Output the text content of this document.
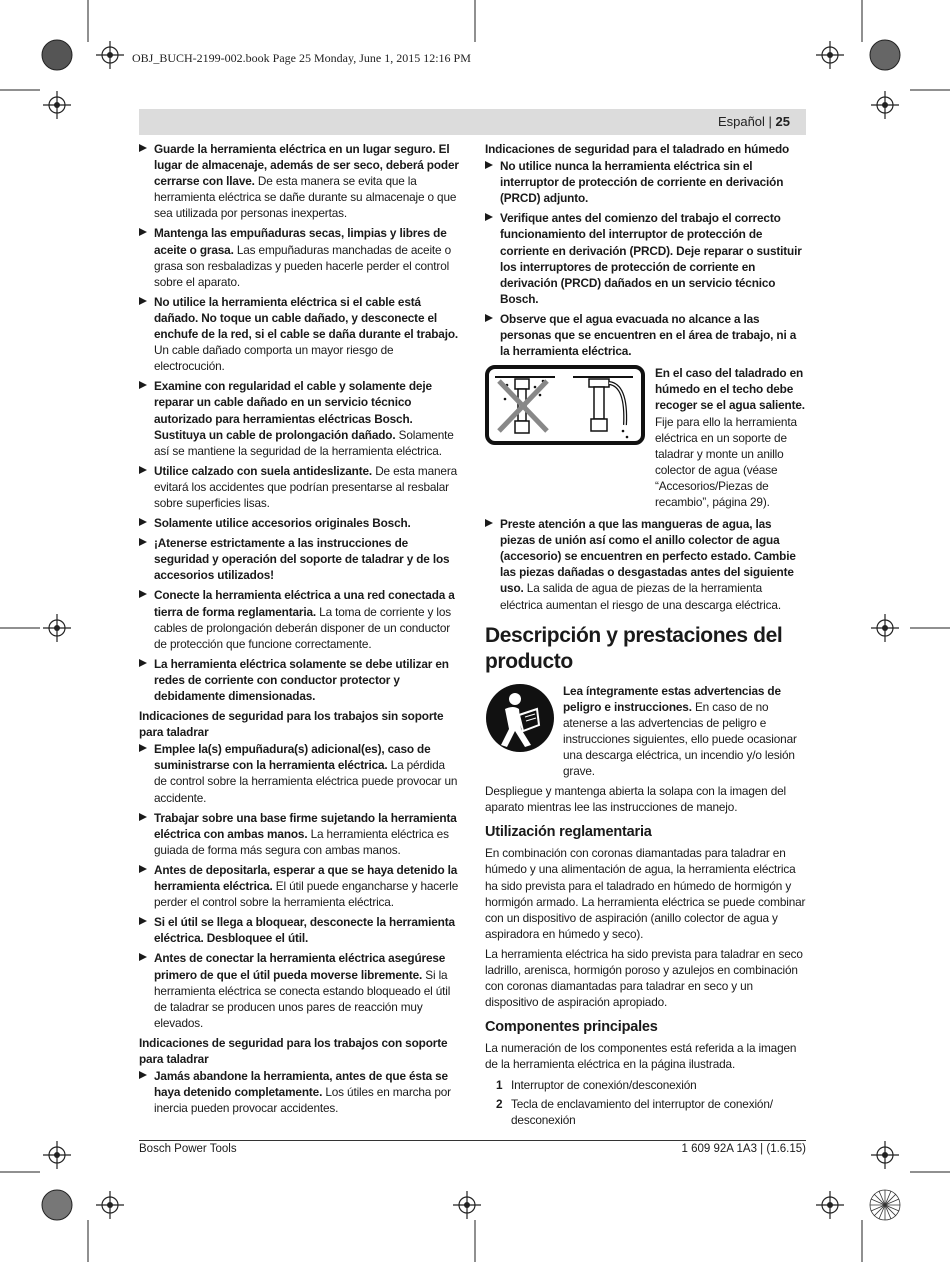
OBJ_BUCH-2199-002.book Page 25 Monday, June 1, 2015 12:16 PM
Español | 25
Guarde la herramienta eléctrica en un lugar seguro. El lugar de almacenaje, además de ser seco, deberá poder cerrarse con llave. De esta manera se evita que la herramienta eléctrica se dañe durante su almacenaje o que sea utilizada por personas inexpertas.
Mantenga las empuñaduras secas, limpias y libres de aceite o grasa. Las empuñaduras manchadas de aceite o grasa son resbaladizas y pueden hacerle perder el control sobre el aparato.
No utilice la herramienta eléctrica si el cable está dañado. No toque un cable dañado, y desconecte el enchufe de la red, si el cable se daña durante el trabajo. Un cable dañado comporta un mayor riesgo de electrocución.
Examine con regularidad el cable y solamente deje reparar un cable dañado en un servicio técnico autorizado para herramientas eléctricas Bosch. Sustituya un cable de prolongación dañado. Solamente así se mantiene la seguridad de la herramienta eléctrica.
Utilice calzado con suela antideslizante. De esta manera evitará los accidentes que podrían presentarse al resbalar sobre superficies lisas.
Solamente utilice accesorios originales Bosch.
¡Atenerse estrictamente a las instrucciones de seguridad y operación del soporte de taladrar y de los accesorios utilizados!
Conecte la herramienta eléctrica a una red conectada a tierra de forma reglamentaria. La toma de corriente y los cables de prolongación deberán disponer de un conductor de protección que funcione correctamente.
La herramienta eléctrica solamente se debe utilizar en redes de corriente con conductor protector y debidamente dimensionadas.
Indicaciones de seguridad para los trabajos sin soporte para taladrar
Emplee la(s) empuñadura(s) adicional(es), caso de suministrarse con la herramienta eléctrica. La pérdida de control sobre la herramienta eléctrica puede provocar un accidente.
Trabajar sobre una base firme sujetando la herramienta eléctrica con ambas manos. La herramienta eléctrica es guiada de forma más segura con ambas manos.
Antes de depositarla, esperar a que se haya detenido la herramienta eléctrica. El útil puede engancharse y hacerle perder el control sobre la herramienta eléctrica.
Si el útil se llega a bloquear, desconecte la herramienta eléctrica. Desbloquee el útil.
Antes de conectar la herramienta eléctrica asegúrese primero de que el útil pueda moverse libremente. Si la herramienta eléctrica se conecta estando bloqueado el útil de taladrar se producen unos pares de reacción muy elevados.
Indicaciones de seguridad para los trabajos con soporte para taladrar
Jamás abandone la herramienta, antes de que ésta se haya detenido completamente. Los útiles en marcha por inercia pueden provocar accidentes.
Indicaciones de seguridad para el taladrado en húmedo
No utilice nunca la herramienta eléctrica sin el interruptor de protección de corriente en derivación (PRCD) adjunto.
Verifique antes del comienzo del trabajo el correcto funcionamiento del interruptor de protección de corriente en derivación (PRCD). Deje reparar o sustituir los interruptores de protección de corriente en derivación (PRCD) dañados en un servicio técnico Bosch.
Observe que el agua evacuada no alcance a las personas que se encuentren en el área de trabajo, ni a la herramienta eléctrica.
En el caso del taladrado en húmedo en el techo debe recoger se el agua saliente. Fije para ello la herramienta eléctrica en un soporte de taladrar y monte un anillo colector de agua (véase “Accesorios/Piezas de recambio”, página 29).
Preste atención a que las mangueras de agua, las piezas de unión así como el anillo colector de agua (accesorio) se encuentren en perfecto estado. Cambie las piezas dañadas o desgastadas antes del siguiente uso. La salida de agua de piezas de la herramienta eléctrica aumentan el riesgo de una descarga eléctrica.
Descripción y prestaciones del producto
Lea íntegramente estas advertencias de peligro e instrucciones. En caso de no atenerse a las advertencias de peligro e instrucciones siguientes, ello puede ocasionar una descarga eléctrica, un incendio y/o lesión grave.

Despliegue y mantenga abierta la solapa con la imagen del aparato mientras lee las instrucciones de manejo.

Utilización reglamentaria

En combinación con coronas diamantadas para taladrar en húmedo y una alimentación de agua, la herramienta eléctrica ha sido prevista para el taladrado en húmedo de hormigón y hormigón armado. La herramienta eléctrica se puede combinar con un dispositivo de aspiración (anillo colector de agua y aspiradora en húmedo y seco).

La herramienta eléctrica ha sido prevista para taladrar en seco ladrillo, arenisca, hormigón poroso y azulejos en combinación con coronas diamantadas para taladrar en seco y un dispositivo de aspiración apropiado.

Componentes principales

La numeración de los componentes está referida a la imagen de la herramienta eléctrica en la página ilustrada.

1 Interruptor de conexión/desconexión
2 Tecla de enclavamiento del interruptor de conexión/ desconexión
Bosch Power Tools	1 609 92A 1A3 | (1.6.15)
